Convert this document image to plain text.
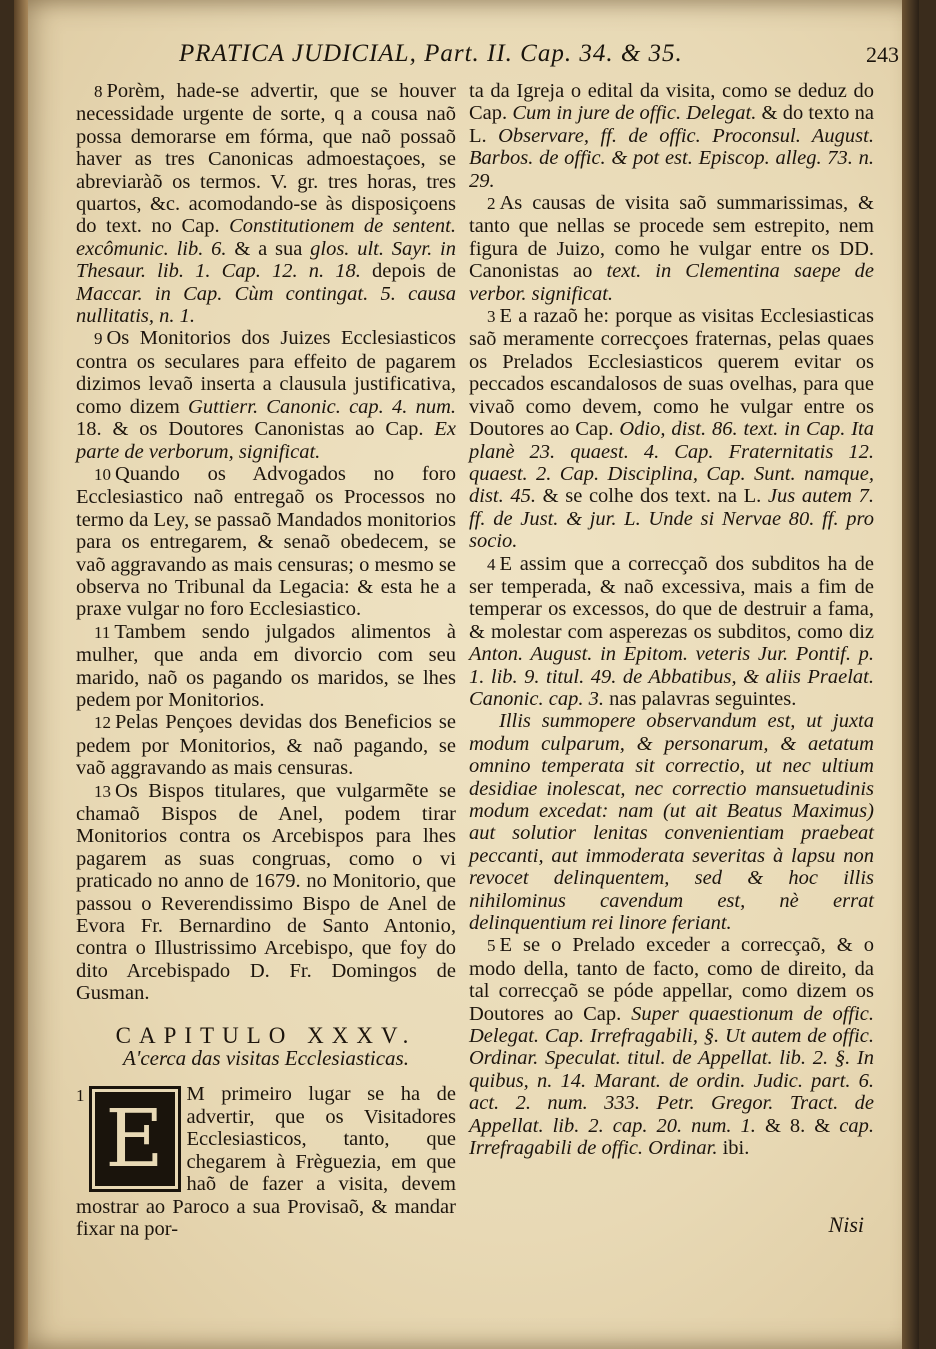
PRATICA JUDICIAL, Part. II. Cap. 34. & 35.	243

8 Porèm, hade-se advertir, que se houver necessidade urgente de sorte, q a cousa naõ possa demorarse em fórma, que naõ possaõ haver as tres Canonicas admoestaçoes, se abreviaràõ os termos. V. gr. tres horas, tres quartos, &c. acomodando-se às disposiçoens do text. no Cap. Constitutionem de sentent. excômunic. lib. 6. & a sua glos. ult. Sayr. in Thesaur. lib. 1. Cap. 12. n. 18. depois de Maccar. in Cap. Cùm contingat. 5. causa nullitatis, n. 1.

9 Os Monitorios dos Juizes Ecclesiasticos contra os seculares para effeito de pagarem dizimos levaõ inserta a clausula justificativa, como dizem Guttierr. Canonic. cap. 4. num. 18. & os Doutores Canonistas ao Cap. Ex parte de verborum, significat.

10 Quando os Advogados no foro Ecclesiastico naõ entregaõ os Processos no termo da Ley, se passaõ Mandados monitorios para os entregarem, & senaõ obedecem, se vaõ aggravando as mais censuras; o mesmo se observa no Tribunal da Legacia: & esta he a praxe vulgar no foro Ecclesiastico.

11 Tambem sendo julgados alimentos à mulher, que anda em divorcio com seu marido, naõ os pagando os maridos, se lhes pedem por Monitorios.

12 Pelas Pençoes devidas dos Beneficios se pedem por Monitorios, & naõ pagando, se vaõ aggravando as mais censuras.

13 Os Bispos titulares, que vulgarmẽte se chamaõ Bispos de Anel, podem tirar Monitorios contra os Arcebispos para lhes pagarem as suas congruas, como o vi praticado no anno de 1679. no Monitorio, que passou o Reverendissimo Bispo de Anel de Evora Fr. Bernardino de Santo Antonio, contra o Illustrissimo Arcebispo, que foy do dito Arcebispado D. Fr. Domingos de Gusman.

CAPITULO XXXV.

A'cerca das visitas Ecclesiasticas.

1 E	M primeiro lugar se ha de advertir, que os Visitadores Ecclesiasticos, tanto, que chegarem à Frèguezia, em que haõ de fazer a visita, devem mostrar ao Paroco a sua Provisaõ, & mandar fixar na por-

ta da Igreja o edital da visita, como se deduz do Cap. Cum in jure de offic. Delegat. & do texto na L. Observare, ff. de offic. Proconsul. August. Barbos. de offic. & pot est. Episcop. alleg. 73. n. 29.

2 As causas de visita saõ summarissimas, & tanto que nellas se procede sem estrepito, nem figura de Juizo, como he vulgar entre os DD. Canonistas ao text. in Clementina saepe de verbor. significat.

3 E a razaõ he: porque as visitas Ecclesiasticas saõ meramente correcçoes fraternas, pelas quaes os Prelados Ecclesiasticos querem evitar os peccados escandalosos de suas ovelhas, para que vivaõ como devem, como he vulgar entre os Doutores ao Cap. Odio, dist. 86. text. in Cap. Ita planè 23. quaest. 4. Cap. Fraternitatis 12. quaest. 2. Cap. Disciplina, Cap. Sunt. namque, dist. 45. & se colhe dos text. na L. Jus autem 7. ff. de Just. & jur. L. Unde si Nervae 80. ff. pro socio.

4 E assim que a correcçaõ dos subditos ha de ser temperada, & naõ excessiva, mais a fim de temperar os excessos, do que de destruir a fama, & molestar com asperezas os subditos, como diz Anton. August. in Epitom. veteris Jur. Pontif. p. 1. lib. 9. titul. 49. de Abbatibus, & aliis Praelat. Canonic. cap. 3. nas palavras seguintes.

Illis summopere observandum est, ut juxta modum culparum, & personarum, & aetatum omnino temperata sit correctio, ut nec ultium desidiae inolescat, nec correctio mansuetudinis modum excedat: nam (ut ait Beatus Maximus) aut solutior lenitas convenientiam praebeat peccanti, aut immoderata severitas à lapsu non revocet delinquentem, sed & hoc illis nihilominus cavendum est, nè errat delinquentium rei linore feriant.

5 E se o Prelado exceder a correcçaõ, & o modo della, tanto de facto, como de direito, da tal correcçaõ se póde appellar, como dizem os Doutores ao Cap. Super quaestionum de offic. Delegat. Cap. Irrefragabili, §. Ut autem de offic. Ordinar. Speculat. titul. de Appellat. lib. 2. §. In quibus, n. 14. Marant. de ordin. Judic. part. 6. act. 2. num. 333. Petr. Gregor. Tract. de Appellat. lib. 2. cap. 20. num. 1. & 8. & cap. Irrefragabili de offic. Ordinar. ibi.

Nisi
